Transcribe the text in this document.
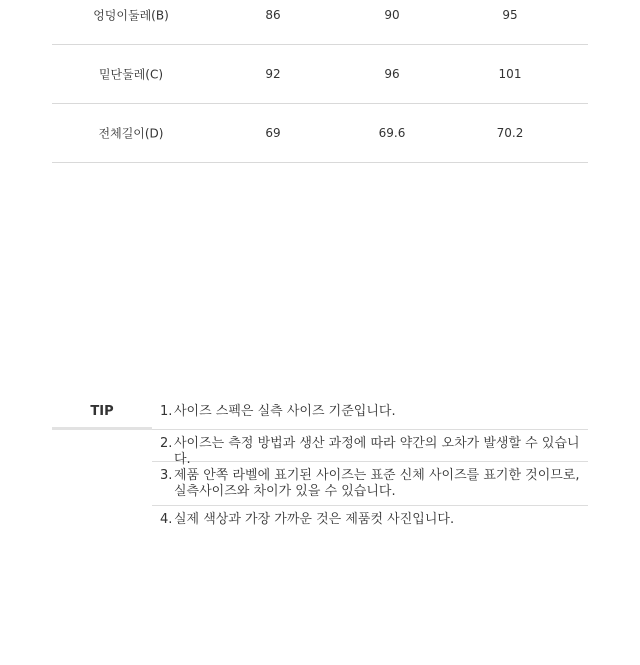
엉덩이둘레(B)	86	90	95
밑단둘레(C)	92	96	101
전체길이(D)	69	69.6	70.2
TIP	1. 사이즈 스펙은 실측 사이즈 기준입니다.
2. 사이즈는 측정 방법과 생산 과정에 따라 약간의 오차가 발생할 수 있습니다.
3. 제품 안쪽 라벨에 표기된 사이즈는 표준 신체 사이즈를 표기한 것이므로,
실측사이즈와 차이가 있을 수 있습니다.
4. 실제 색상과 가장 가까운 것은 제품컷 사진입니다.
